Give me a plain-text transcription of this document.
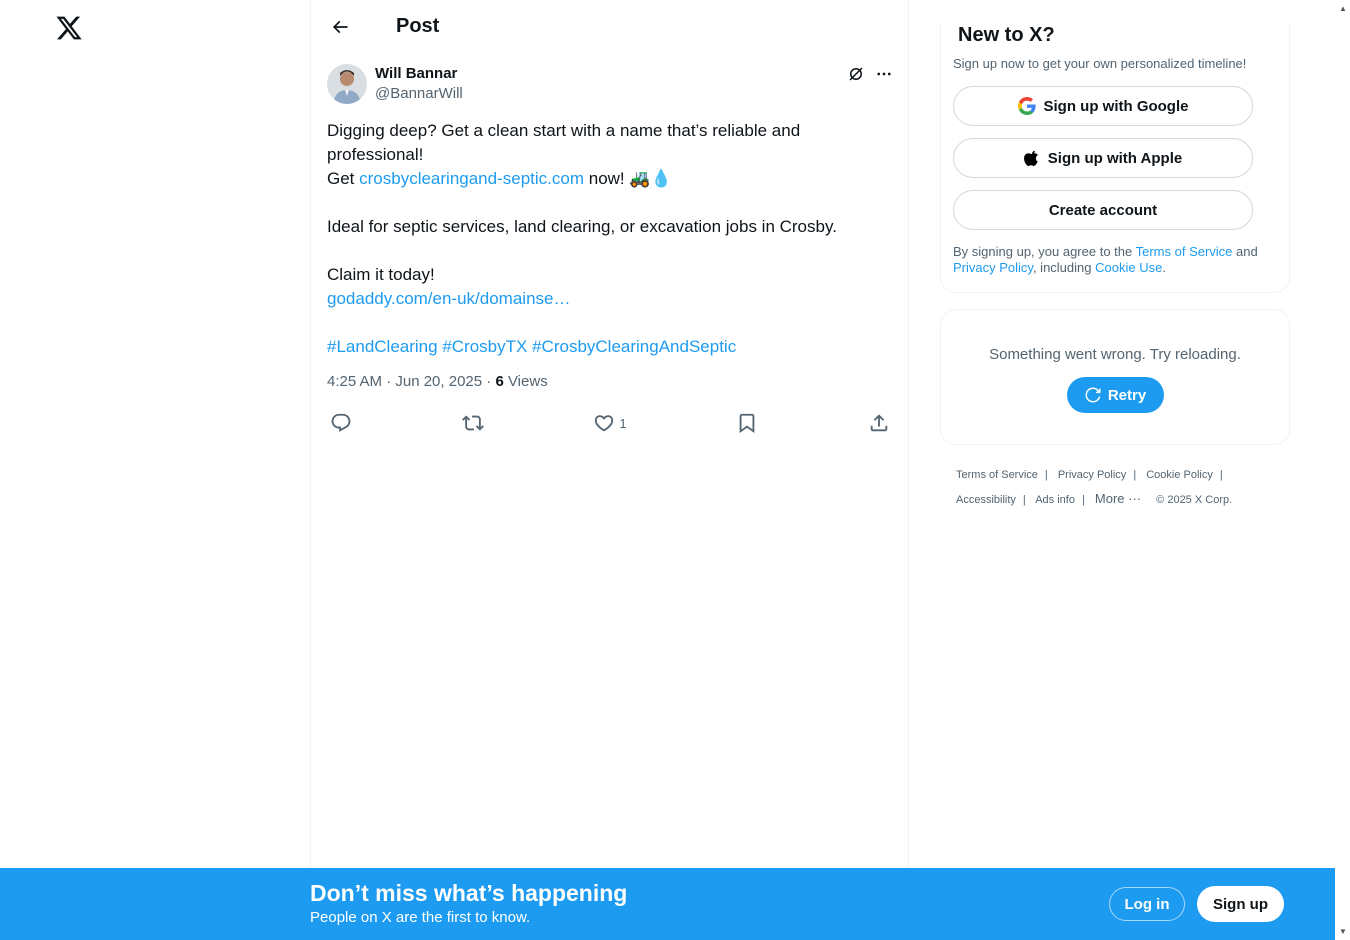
Post
Will Bannar
@BannarWill

Digging deep? Get a clean start with a name that’s reliable and professional!

Get crosbyclearingand-septic.com now! 🚜💧

Ideal for septic services, land clearing, or excavation jobs in Crosby.

Claim it today!

godaddy.com/en-uk/domainse…

#LandClearing #CrosbyTX #CrosbyClearingAndSeptic

4:25 AM · Jun 20, 2025 · 6 Views
1
New to X?
Sign up now to get your own personalized timeline!
Sign up with Google
Sign up with Apple
Create account
By signing up, you agree to the Terms of Service and Privacy Policy, including Cookie Use.
Something went wrong. Try reloading.
Retry
Terms of Service | Privacy Policy | Cookie Policy |
Accessibility | Ads info | More ··· © 2025 X Corp.
Don’t miss what’s happening
People on X are the first to know.
Log in	Sign up
▲
▼
